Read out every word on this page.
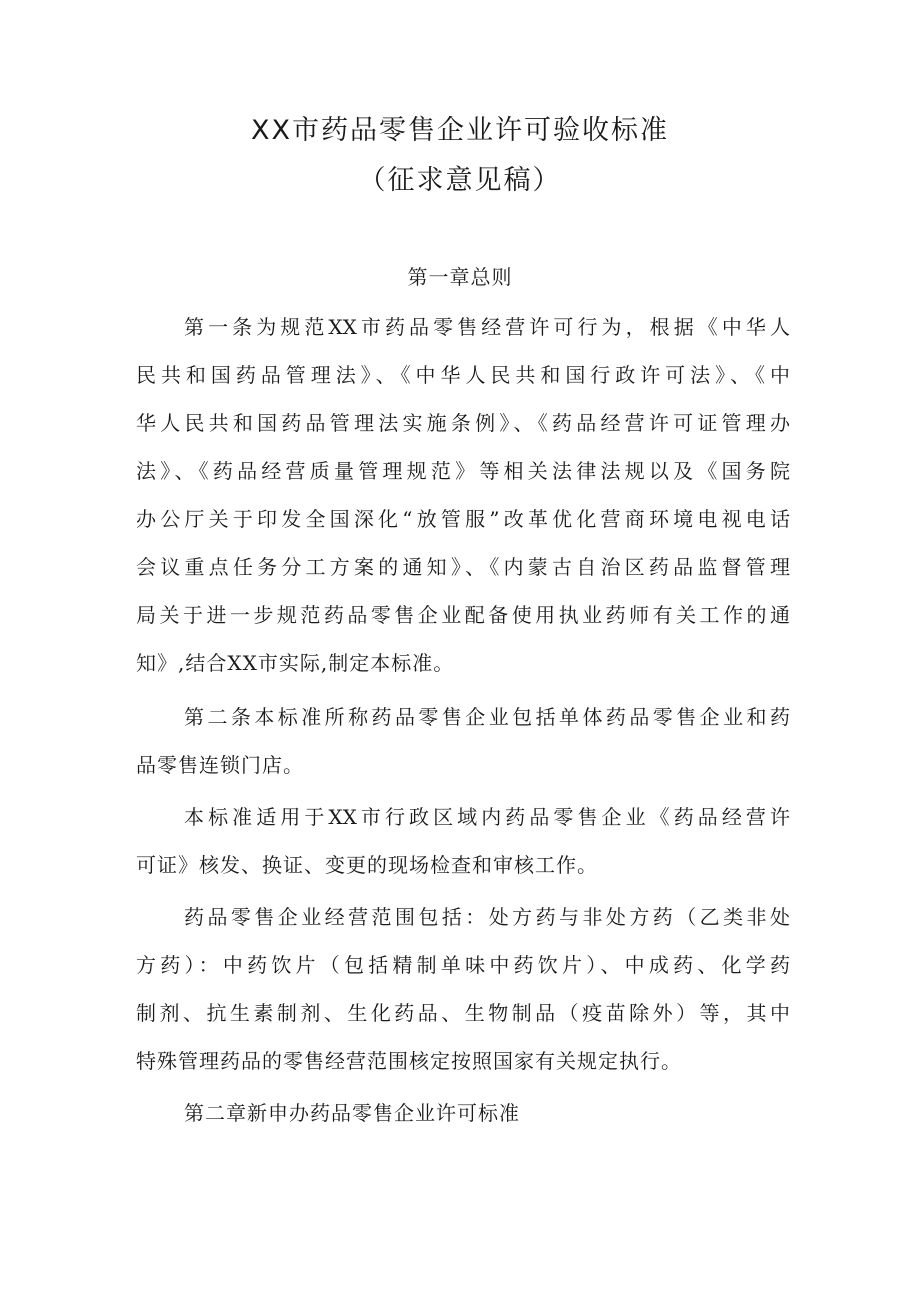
XX市药品零售企业许可验收标准
（征求意见稿）
第一章总则
第一条为规范XX市药品零售经营许可行为，根据《中华人
民共和国药品管理法》、《中华人民共和国行政许可法》、《中
华人民共和国药品管理法实施条例》、《药品经营许可证管理办
法》、《药品经营质量管理规范》等相关法律法规以及《国务院
办公厅关于印发全国深化“放管服”改革优化营商环境电视电话
会议重点任务分工方案的通知》、《内蒙古自治区药品监督管理
局关于进一步规范药品零售企业配备使用执业药师有关工作的通
知》,结合XX市实际,制定本标准。
第二条本标准所称药品零售企业包括单体药品零售企业和药
品零售连锁门店。
本标准适用于XX市行政区域内药品零售企业《药品经营许
可证》核发、换证、变更的现场检查和审核工作。
药品零售企业经营范围包括：处方药与非处方药（乙类非处
方药）：中药饮片（包括精制单味中药饮片）、中成药、化学药
制剂、抗生素制剂、生化药品、生物制品（疫苗除外）等，其中
特殊管理药品的零售经营范围核定按照国家有关规定执行。
第二章新申办药品零售企业许可标准
